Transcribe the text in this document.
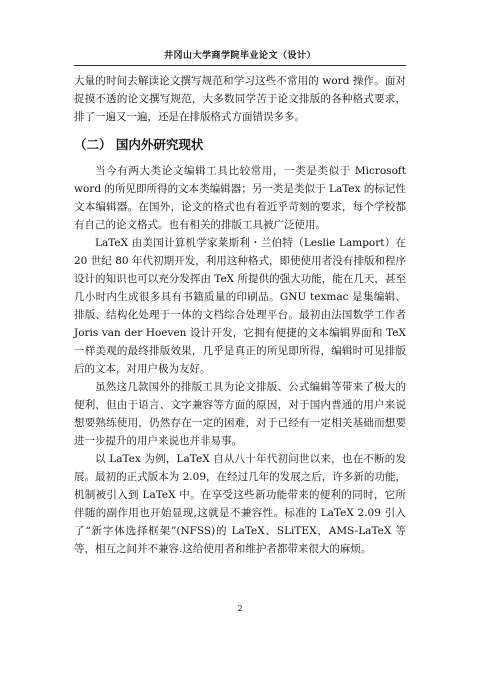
井冈山大学商学院毕业论文（设计）

大量的时间去解读论文撰写规范和学习这些不常用的 word 操作。面对捉摸不透的论文撰写规范，大多数同学苦于论文排版的各种格式要求，排了一遍又一遍，还是在排版格式方面错误多多。

（二） 国内外研究现状

当今有两大类论文编辑工具比较常用，一类是类似于 Microsoft word 的所见即所得的文本类编辑器；另一类是类似于 LaTex 的标记性文本编辑器。在国外，论文的格式也有着近乎苛刻的要求，每个学校都有自己的论文格式。也有相关的排版工具被广泛使用。

LaTeX 由美国计算机学家莱斯利・兰伯特（Leslie Lamport）在 20 世纪 80 年代初期开发，利用这种格式，即使使用者没有排版和程序设计的知识也可以充分发挥由 TeX 所提供的强大功能，能在几天，甚至几小时内生成很多具有书籍质量的印刷品。GNU texmac 是集编辑、排版、结构化处理于一体的文档综合处理平台。最初由法国数学工作者 Joris van der Hoeven 设计开发，它拥有便捷的文本编辑界面和 TeX 一样美观的最终排版效果，几乎是真正的所见即所得，编辑时可见排版后的文本，对用户极为友好。

虽然这几款国外的排版工具为论文排版、公式编辑等带来了极大的便利，但由于语言、文字兼容等方面的原因，对于国内普通的用户来说想要熟练使用，仍然存在一定的困难，对于已经有一定相关基础而想要进一步提升的用户来说也并非易事。

以 LaTex 为例，LaTeX 自从八十年代初问世以来，也在不断的发展。最初的正式版本为 2.09，在经过几年的发展之后，许多新的功能，机制被引入到 LaTeX 中。在享受这些新功能带来的便利的同时，它所伴随的副作用也开始显现,这就是不兼容性。标准的 LaTeX 2.09 引入了“新字体选择框架”(NFSS)的 LaTeX、SLiTEX，AMS-LaTeX 等等，相互之间并不兼容.这给使用者和维护者都带来很大的麻烦。

2
